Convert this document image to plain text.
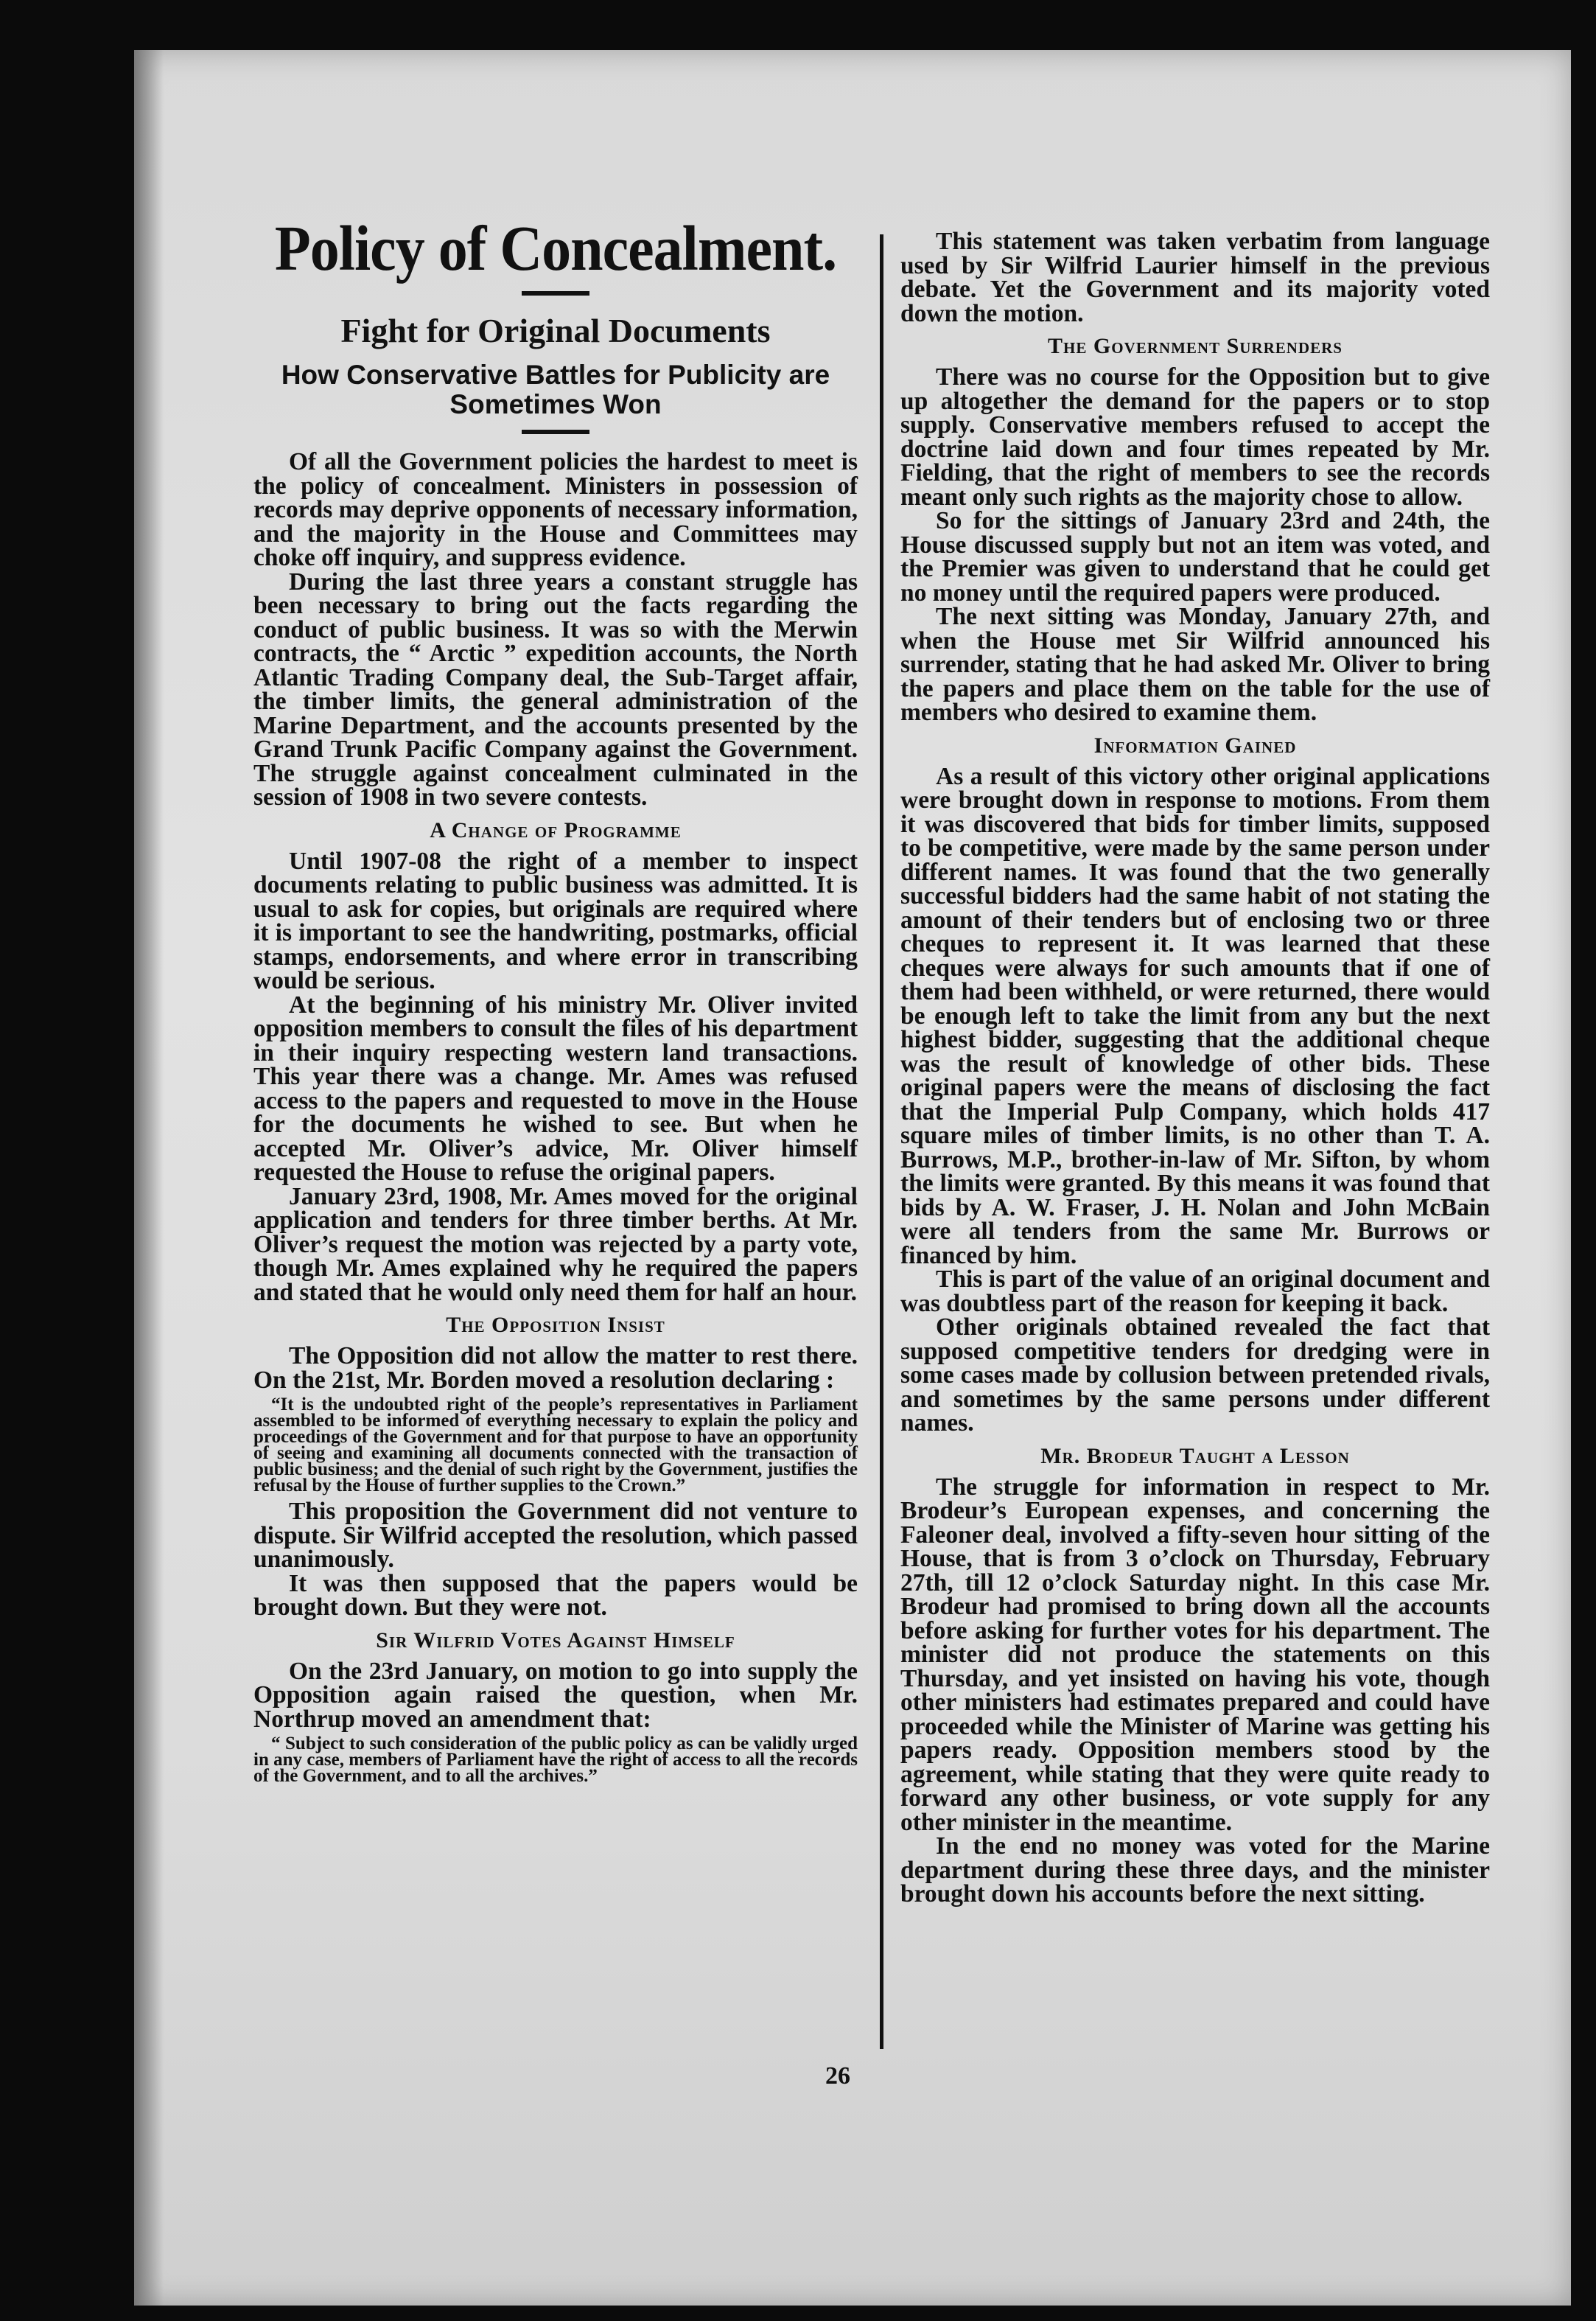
Policy of Concealment.
Fight for Original Documents
How Conservative Battles for Publicity are Sometimes Won

Of all the Government policies the hardest to meet is the policy of concealment. Ministers in possession of records may deprive opponents of necessary information, and the majority in the House and Committees may choke off inquiry, and suppress evidence.

During the last three years a constant struggle has been necessary to bring out the facts regarding the conduct of public business. It was so with the Merwin contracts, the “ Arctic ” expedition accounts, the North Atlantic Trading Company deal, the Sub-Target affair, the timber limits, the general administration of the Marine Department, and the accounts presented by the Grand Trunk Pacific Company against the Government. The struggle against concealment culminated in the session of 1908 in two severe contests.

A Change of Programme

Until 1907-08 the right of a member to inspect documents relating to public business was admitted. It is usual to ask for copies, but originals are required where it is important to see the handwriting, postmarks, official stamps, endorsements, and where error in transcribing would be serious.

At the beginning of his ministry Mr. Oliver invited opposition members to consult the files of his department in their inquiry respecting western land transactions. This year there was a change. Mr. Ames was refused access to the papers and requested to move in the House for the documents he wished to see. But when he accepted Mr. Oliver’s advice, Mr. Oliver himself requested the House to refuse the original papers.

January 23rd, 1908, Mr. Ames moved for the original application and tenders for three timber berths. At Mr. Oliver’s request the motion was rejected by a party vote, though Mr. Ames explained why he required the papers and stated that he would only need them for half an hour.

The Opposition Insist

The Opposition did not allow the matter to rest there. On the 21st, Mr. Borden moved a resolution declaring :

“It is the undoubted right of the people’s representatives in Parliament assembled to be informed of everything necessary to explain the policy and proceedings of the Government and for that purpose to have an opportunity of seeing and examining all documents connected with the transaction of public business; and the denial of such right by the Government, justifies the refusal by the House of further supplies to the Crown.”

This proposition the Government did not venture to dispute. Sir Wilfrid accepted the resolution, which passed unanimously.

It was then supposed that the papers would be brought down. But they were not.

Sir Wilfrid Votes Against Himself

On the 23rd January, on motion to go into supply the Opposition again raised the question, when Mr. Northrup moved an amendment that:

“ Subject to such consideration of the public policy as can be validly urged in any case, members of Parliament have the right of access to all the records of the Government, and to all the archives.”

This statement was taken verbatim from language used by Sir Wilfrid Laurier himself in the previous debate. Yet the Government and its majority voted down the motion.

The Government Surrenders

There was no course for the Opposition but to give up altogether the demand for the papers or to stop supply. Conservative members refused to accept the doctrine laid down and four times repeated by Mr. Fielding, that the right of members to see the records meant only such rights as the majority chose to allow.

So for the sittings of January 23rd and 24th, the House discussed supply but not an item was voted, and the Premier was given to understand that he could get no money until the required papers were produced.

The next sitting was Monday, January 27th, and when the House met Sir Wilfrid announced his surrender, stating that he had asked Mr. Oliver to bring the papers and place them on the table for the use of members who desired to examine them.

Information Gained

As a result of this victory other original applications were brought down in response to motions. From them it was discovered that bids for timber limits, supposed to be competitive, were made by the same person under different names. It was found that the two generally successful bidders had the same habit of not stating the amount of their tenders but of enclosing two or three cheques to represent it. It was learned that these cheques were always for such amounts that if one of them had been withheld, or were returned, there would be enough left to take the limit from any but the next highest bidder, suggesting that the additional cheque was the result of knowledge of other bids. These original papers were the means of disclosing the fact that the Imperial Pulp Company, which holds 417 square miles of timber limits, is no other than T. A. Burrows, M.P., brother-in-law of Mr. Sifton, by whom the limits were granted. By this means it was found that bids by A. W. Fraser, J. H. Nolan and John McBain were all tenders from the same Mr. Burrows or financed by him.

This is part of the value of an original document and was doubtless part of the reason for keeping it back.

Other originals obtained revealed the fact that supposed competitive tenders for dredging were in some cases made by collusion between pretended rivals, and sometimes by the same persons under different names.

Mr. Brodeur Taught a Lesson

The struggle for information in respect to Mr. Brodeur’s European expenses, and concerning the Faleoner deal, involved a fifty-seven hour sitting of the House, that is from 3 o’clock on Thursday, February 27th, till 12 o’clock Saturday night. In this case Mr. Brodeur had promised to bring down all the accounts before asking for further votes for his department. The minister did not produce the statements on this Thursday, and yet insisted on having his vote, though other ministers had estimates prepared and could have proceeded while the Minister of Marine was getting his papers ready. Opposition members stood by the agreement, while stating that they were quite ready to forward any other business, or vote supply for any other minister in the meantime.

In the end no money was voted for the Marine department during these three days, and the minister brought down his accounts before the next sitting.

26
